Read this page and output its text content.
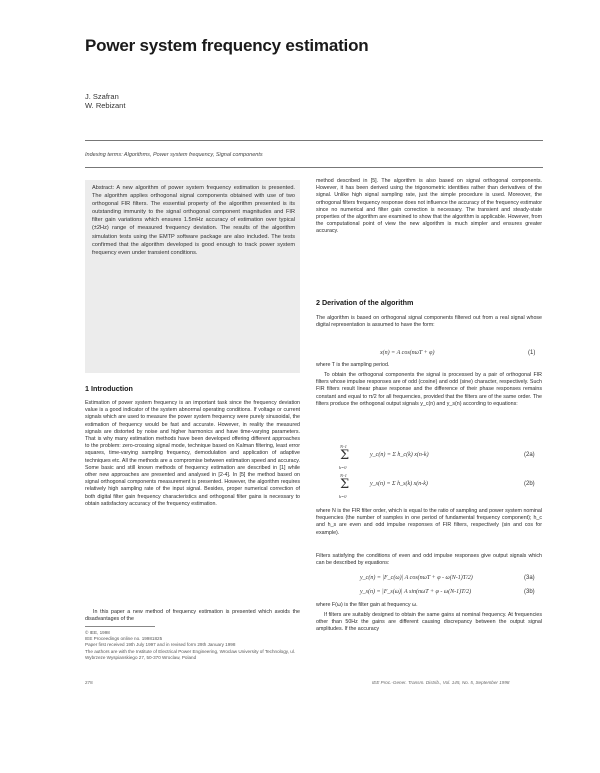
Power system frequency estimation
J. Szafran
W. Rebizant
Indexing terms: Algorithms, Power system frequency, Signal components
Abstract: A new algorithm of power system frequency estimation is presented. The algorithm applies orthogonal signal components obtained with use of two orthogonal FIR filters. The essential property of the algorithm presented is its outstanding immunity to the signal orthogonal component magnitudes and FIR filter gain variations which ensures 1.5mHz accuracy of estimation over typical (±2Hz) range of measured frequency deviation. The results of the algorithm simulation tests using the EMTP software package are also included. The tests confirmed that the algorithm developed is good enough to track power system frequency even under transient conditions.
1 Introduction
Estimation of power system frequency is an important task since the frequency deviation value is a good indicator of the system abnormal operating conditions. If voltage or current signals which are used to measure the power system frequency were purely sinusoidal, the estimation of frequency would be fast and accurate. However, in reality the measured signals are distorted by noise and higher harmonics and have time-varying parameters. That is why many estimation methods have been developed offering different approaches to the problem: zero-crossing signal mode, technique based on Kalman filtering, least error squares, time-varying sampling frequency, demodulation and application of adaptive techniques etc. All the methods are a compromise between estimation speed and accuracy. Some basic and still known methods of frequency estimation are described in [1] while other new approaches are presented and analysed in [2-4]. In [5] the method based on signal orthogonal components measurement is presented. However, the algorithm requires relatively high sampling rate of the input signal. Besides, proper numerical correction of both digital filter gain frequency characteristics and orthogonal filter gains is necessary to obtain satisfactory accuracy of the frequency estimation.
In this paper a new method of frequency estimation is presented which avoids the disadvantages of the
© IEE, 1998
IEE Proceedings online no. 19981825
Paper first received 19th July 1997 and in revised form 29th January 1998
The authors are with the Institute of Electrical Power Engineering, Wroclaw University of Technology, ul. Wybrzeze Wyspianskiego 27, 50-370 Wroclaw, Poland
method described in [5]. The algorithm is also based on signal orthogonal components. However, it has been derived using the trigonometric identities rather than derivatives of the signal. Unlike high signal sampling rate, just the simple procedure is used. Moreover, the orthogonal filters frequency response does not influence the accuracy of the frequency estimator since no numerical and filter gain correction is necessary. The transient and steady-state properties of the algorithm are examined to show that the algorithm is applicable. However, from the computational point of view the new algorithm is much simpler and ensures greater accuracy.
2 Derivation of the algorithm
The algorithm is based on orthogonal signal components filtered out from a real signal whose digital representation is assumed to have the form:
x(n) = A cos(nωT + φ)	(1)
where T is the sampling period.
To obtain the orthogonal components the signal is processed by a pair of orthogonal FIR filters whose impulse responses are of odd (cosine) and odd (sine) character, respectively. Such FIR filters result linear phase response and the difference of their phase responses remains constant and equal to π/2 for all frequencies, provided that the filters are of the same order. The filters produce the orthogonal output signals y_c(n) and y_s(n) according to equations:
N-1
Σ
k=0
y_c(n) = Σ h_c(k) x(n-k)	(2a)
N-1
Σ
k=0
y_s(n) = Σ h_s(k) x(n-k)	(2b)
where N is the FIR filter order, which is equal to the ratio of sampling and power system nominal frequencies (the number of samples in one period of fundamental frequency component); h_c and h_s are even and odd impulse responses of FIR filters, respectively (sin and cos for example).
Filters satisfying the conditions of even and odd impulse responses give output signals which can be described by equations:
y_c(n) = |F_c(ω)| A cos(nωT + φ - ω(N-1)T/2)	(3a)
y_s(n) = |F_s(ω)| A sin(nωT + φ - ω(N-1)T/2)	(3b)
where F(ω) is the filter gain at frequency ω.
If filters are suitably designed to obtain the same gains at nominal frequency. At frequencies other than 50Hz the gains are different causing discrepancy between the output signal amplitudes. If the accuracy
278	IEE Proc.-Gener. Transm. Distrib., Vol. 145, No. 5, September 1998
